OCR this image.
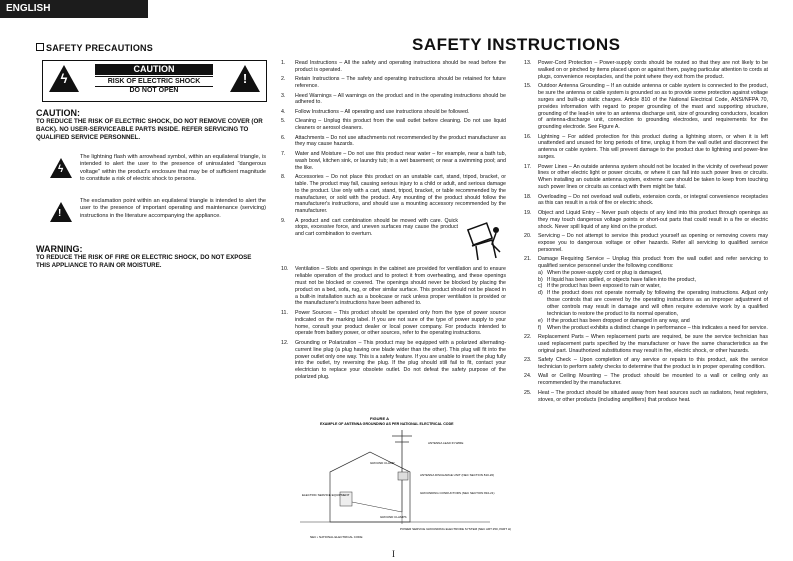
ENGLISH
SAFETY PRECAUTIONS	SAFETY INSTRUCTIONS
ϟ
CAUTION
RISK OF ELECTRIC SHOCK
DO NOT OPEN
!
CAUTION:
TO REDUCE THE RISK OF ELECTRIC SHOCK, DO NOT REMOVE COVER (OR BACK). NO USER-SERVICEABLE PARTS INSIDE. REFER SERVICING TO QUALIFIED SERVICE PERSONNEL.
ϟ
The lightning flash with arrowhead symbol, within an equilateral triangle, is intended to alert the user to the presence of uninsulated "dangerous voltage" within the product's enclosure that may be of sufficient magnitude to constitute a risk of electric shock to persons.
!
The exclamation point within an equilateral triangle is intended to alert the user to the presence of important operating and maintenance (servicing) instructions in the literature accompanying the appliance.
WARNING:
TO REDUCE THE RISK OF FIRE OR ELECTRIC SHOCK, DO NOT EXPOSE THIS APPLIANCE TO RAIN OR MOISTURE.
1.	Read Instructions – All the safety and operating instructions should be read before the product is operated.
2.	Retain Instructions – The safety and operating instructions should be retained for future reference.
3.	Heed Warnings – All warnings on the product and in the operating instructions should be adhered to.
4.	Follow Instructions – All operating and use instructions should be followed.
5.	Cleaning – Unplug this product from the wall outlet before cleaning. Do not use liquid cleaners or aerosol cleaners.
6.	Attachments – Do not use attachments not recommended by the product manufacturer as they may cause hazards.
7.	Water and Moisture – Do not use this product near water – for example, near a bath tub, wash bowl, kitchen sink, or laundry tub; in a wet basement; or near a swimming pool; and the like.
8.	Accessories – Do not place this product on an unstable cart, stand, tripod, bracket, or table. The product may fall, causing serious injury to a child or adult, and serious damage to the product. Use only with a cart, stand, tripod, bracket, or table recommended by the manufacturer, or sold with the product. Any mounting of the product should follow the manufacturer's instructions, and should use a mounting accessory recommended by the manufacturer.
9.	A product and cart combination should be moved with care. Quick stops, excessive force, and uneven surfaces may cause the product and cart combination to overturn.
10.	Ventilation – Slots and openings in the cabinet are provided for ventilation and to ensure reliable operation of the product and to protect it from overheating, and these openings must not be blocked or covered. The openings should never be blocked by placing the product on a bed, sofa, rug, or other similar surface. This product should not be placed in a built-in installation such as a bookcase or rack unless proper ventilation is provided or the manufacturer's instructions have been adhered to.
11.	Power Sources – This product should be operated only from the type of power source indicated on the marking label. If you are not sure of the type of power supply to your home, consult your product dealer or local power company. For products intended to operate from battery power, or other sources, refer to the operating instructions.
12.	Grounding or Polarization – This product may be equipped with a polarized alternating-current line plug (a plug having one blade wider than the other). This plug will fit into the power outlet only one way. This is a safety feature. If you are unable to insert the plug fully into the outlet, try reversing the plug. If the plug should still fail to fit, contact your electrician to replace your obsolete outlet. Do not defeat the safety purpose of the polarized plug.
FIGURE A
EXAMPLE OF ANTENNA GROUNDING AS PER NATIONAL ELECTRICAL CODE
ANTENNA LEAD IN WIRE
GROUND CLAMP
ANTENNA DISCHARGE UNIT (NEC SECTION 810-20)
GROUNDING CONDUCTORS (NEC SECTION 810-21)
GROUND CLAMPS
POWER SERVICE GROUNDING ELECTRODE SYSTEM (NEC ART 250, PART H)
ELECTRIC SERVICE EQUIPMENT
NEC • NATIONAL ELECTRICAL CODE
13.	Power-Cord Protection – Power-supply cords should be routed so that they are not likely to be walked on or pinched by items placed upon or against them, paying particular attention to cords at plugs, convenience receptacles, and the point where they exit from the product.
15.	Outdoor Antenna Grounding – If an outside antenna or cable system is connected to the product, be sure the antenna or cable system is grounded so as to provide some protection against voltage surges and built-up static charges. Article 810 of the National Electrical Code, ANSI/NFPA 70, provides information with regard to proper grounding of the mast and supporting structure, grounding of the lead-in wire to an antenna discharge unit, size of grounding conductors, location of antenna-discharge unit, connection to grounding electrodes, and requirements for the grounding electrode. See Figure A.
16.	Lightning – For added protection for this product during a lightning storm, or when it is left unattended and unused for long periods of time, unplug it from the wall outlet and disconnect the antenna or cable system. This will prevent damage to the product due to lightning and power-line surges.
17.	Power Lines – An outside antenna system should not be located in the vicinity of overhead power lines or other electric light or power circuits, or where it can fall into such power lines or circuits. When installing an outside antenna system, extreme care should be taken to keep from touching such power lines or circuits as contact with them might be fatal.
18.	Overloading – Do not overload wall outlets, extension cords, or integral convenience receptacles as this can result in a risk of fire or electric shock.
19.	Object and Liquid Entry – Never push objects of any kind into this product through openings as they may touch dangerous voltage points or short-out parts that could result in a fire or electric shock. Never spill liquid of any kind on the product.
20.	Servicing – Do not attempt to service this product yourself as opening or removing covers may expose you to dangerous voltage or other hazards. Refer all servicing to qualified service personnel.
21.	Damage Requiring Service – Unplug this product from the wall outlet and refer servicing to qualified service personnel under the following conditions:
a) When the power-supply cord or plug is damaged,
b) If liquid has been spilled, or objects have fallen into the product,
c) If the product has been exposed to rain or water,
d) If the product does not operate normally by following the operating instructions. Adjust only those controls that are covered by the operating instructions as an improper adjustment of other controls may result in damage and will often require extensive work by a qualified technician to restore the product to its normal operation,
e) If the product has been dropped or damaged in any way, and
f)	When the product exhibits a distinct change in performance – this indicates a need for service.
22.	Replacement Parts – When replacement parts are required, be sure the service technician has used replacement parts specified by the manufacturer or have the same characteristics as the original part. Unauthorized substitutions may result in fire, electric shock, or other hazards.
23.	Safety Check – Upon completion of any service or repairs to this product, ask the service technician to perform safety checks to determine that the product is in proper operating condition.
24.	Wall or Ceiling Mounting – The product should be mounted to a wall or ceiling only as recommended by the manufacturer.
25.	Heat – The product should be situated away from heat sources such as radiators, heat registers, stoves, or other products (including amplifiers) that produce heat.
I
